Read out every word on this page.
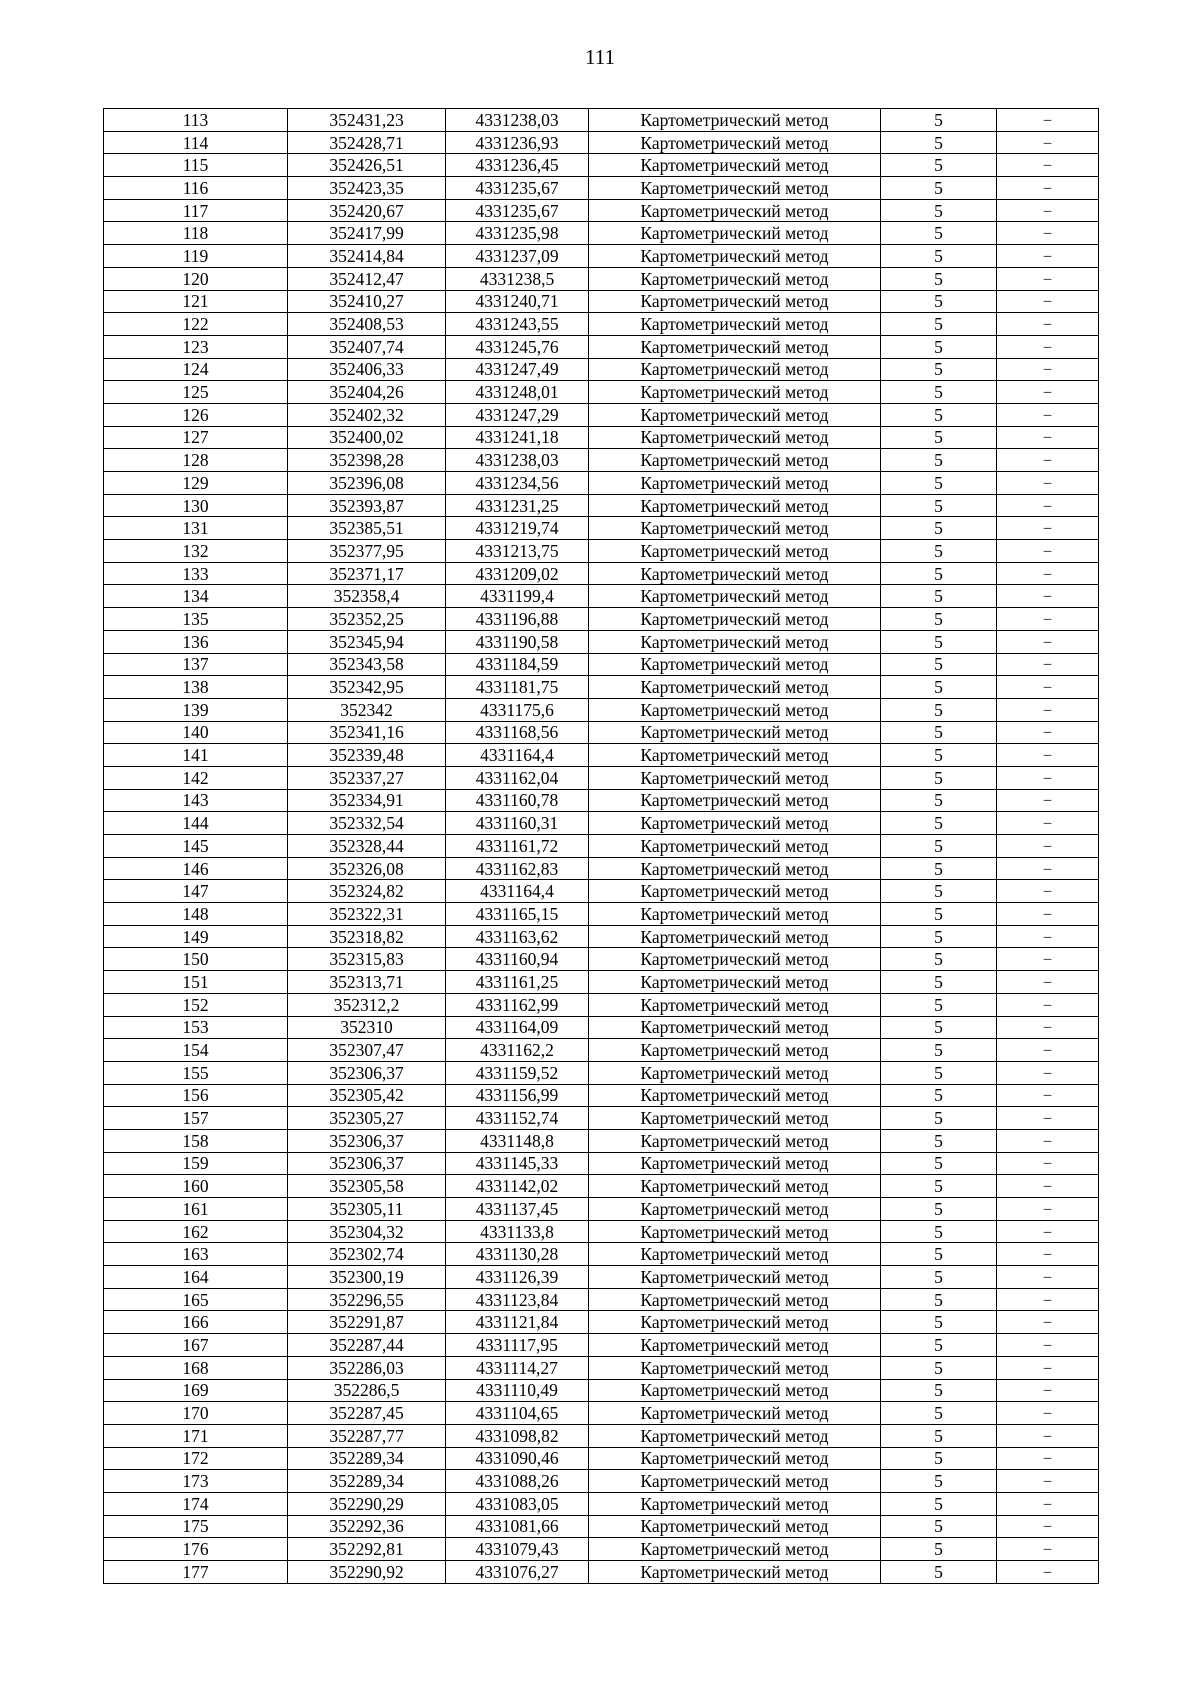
111
113	352431,23	4331238,03	Картометрический метод	5	–
114	352428,71	4331236,93	Картометрический метод	5	–
115	352426,51	4331236,45	Картометрический метод	5	–
116	352423,35	4331235,67	Картометрический метод	5	–
117	352420,67	4331235,67	Картометрический метод	5	–
118	352417,99	4331235,98	Картометрический метод	5	–
119	352414,84	4331237,09	Картометрический метод	5	–
120	352412,47	4331238,5	Картометрический метод	5	–
121	352410,27	4331240,71	Картометрический метод	5	–
122	352408,53	4331243,55	Картометрический метод	5	–
123	352407,74	4331245,76	Картометрический метод	5	–
124	352406,33	4331247,49	Картометрический метод	5	–
125	352404,26	4331248,01	Картометрический метод	5	–
126	352402,32	4331247,29	Картометрический метод	5	–
127	352400,02	4331241,18	Картометрический метод	5	–
128	352398,28	4331238,03	Картометрический метод	5	–
129	352396,08	4331234,56	Картометрический метод	5	–
130	352393,87	4331231,25	Картометрический метод	5	–
131	352385,51	4331219,74	Картометрический метод	5	–
132	352377,95	4331213,75	Картометрический метод	5	–
133	352371,17	4331209,02	Картометрический метод	5	–
134	352358,4	4331199,4	Картометрический метод	5	–
135	352352,25	4331196,88	Картометрический метод	5	–
136	352345,94	4331190,58	Картометрический метод	5	–
137	352343,58	4331184,59	Картометрический метод	5	–
138	352342,95	4331181,75	Картометрический метод	5	–
139	352342	4331175,6	Картометрический метод	5	–
140	352341,16	4331168,56	Картометрический метод	5	–
141	352339,48	4331164,4	Картометрический метод	5	–
142	352337,27	4331162,04	Картометрический метод	5	–
143	352334,91	4331160,78	Картометрический метод	5	–
144	352332,54	4331160,31	Картометрический метод	5	–
145	352328,44	4331161,72	Картометрический метод	5	–
146	352326,08	4331162,83	Картометрический метод	5	–
147	352324,82	4331164,4	Картометрический метод	5	–
148	352322,31	4331165,15	Картометрический метод	5	–
149	352318,82	4331163,62	Картометрический метод	5	–
150	352315,83	4331160,94	Картометрический метод	5	–
151	352313,71	4331161,25	Картометрический метод	5	–
152	352312,2	4331162,99	Картометрический метод	5	–
153	352310	4331164,09	Картометрический метод	5	–
154	352307,47	4331162,2	Картометрический метод	5	–
155	352306,37	4331159,52	Картометрический метод	5	–
156	352305,42	4331156,99	Картометрический метод	5	–
157	352305,27	4331152,74	Картометрический метод	5	–
158	352306,37	4331148,8	Картометрический метод	5	–
159	352306,37	4331145,33	Картометрический метод	5	–
160	352305,58	4331142,02	Картометрический метод	5	–
161	352305,11	4331137,45	Картометрический метод	5	–
162	352304,32	4331133,8	Картометрический метод	5	–
163	352302,74	4331130,28	Картометрический метод	5	–
164	352300,19	4331126,39	Картометрический метод	5	–
165	352296,55	4331123,84	Картометрический метод	5	–
166	352291,87	4331121,84	Картометрический метод	5	–
167	352287,44	4331117,95	Картометрический метод	5	–
168	352286,03	4331114,27	Картометрический метод	5	–
169	352286,5	4331110,49	Картометрический метод	5	–
170	352287,45	4331104,65	Картометрический метод	5	–
171	352287,77	4331098,82	Картометрический метод	5	–
172	352289,34	4331090,46	Картометрический метод	5	–
173	352289,34	4331088,26	Картометрический метод	5	–
174	352290,29	4331083,05	Картометрический метод	5	–
175	352292,36	4331081,66	Картометрический метод	5	–
176	352292,81	4331079,43	Картометрический метод	5	–
177	352290,92	4331076,27	Картометрический метод	5	–
